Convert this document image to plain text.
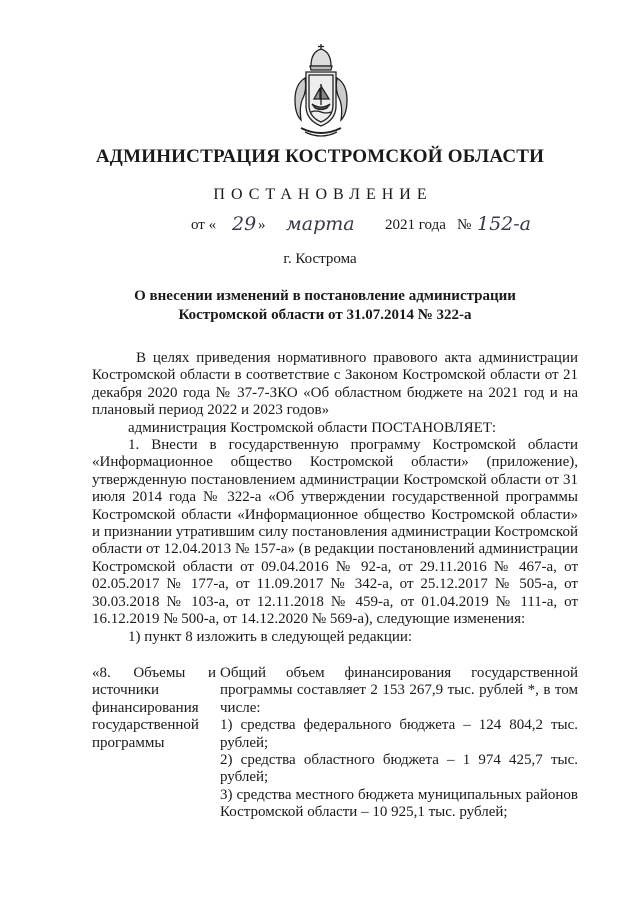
АДМИНИСТРАЦИЯ КОСТРОМСКОЙ ОБЛАСТИ
ПОСТАНОВЛЕНИЕ
от « 29 » марта 2021 года № 152-а
г. Кострома
О внесении изменений в постановление администрации
Костромской области от 31.07.2014 № 322-а

В целях приведения нормативного правового акта администрации Костромской области в соответствие с Законом Костромской области от 21 декабря 2020 года № 37-7-ЗКО «Об областном бюджете на 2021 год и на плановый период 2022 и 2023 годов»

администрация Костромской области ПОСТАНОВЛЯЕТ:

1. Внести в государственную программу Костромской области «Информационное общество Костромской области» (приложение), утвержденную постановлением администрации Костромской области от 31 июля 2014 года № 322-а «Об утверждении государственной программы Костромской области «Информационное общество Костромской области» и признании утратившим силу постановления администрации Костромской области от 12.04.2013 № 157-а» (в редакции постановлений администрации Костромской области от 09.04.2016 № 92-а, от 29.11.2016 № 467-а, от 02.05.2017 № 177-а, от 11.09.2017 № 342-а, от 25.12.2017 № 505-а, от 30.03.2018 № 103-а, от 12.11.2018 № 459-а, от 01.04.2019 № 111-а, от 16.12.2019 № 500-а, от 14.12.2020 № 569-а), следующие изменения:

1) пункт 8 изложить в следующей редакции:

«8. Объемы и
источники финансирования государственной программы

Общий объем финансирования государственной программы составляет 2 153 267,9 тыс. рублей *, в том числе:

1) средства федерального бюджета – 124 804,2 тыс. рублей;

2) средства областного бюджета – 1 974 425,7 тыс. рублей;

3) средства местного бюджета муниципальных районов Костромской области – 10 925,1 тыс. рублей;
